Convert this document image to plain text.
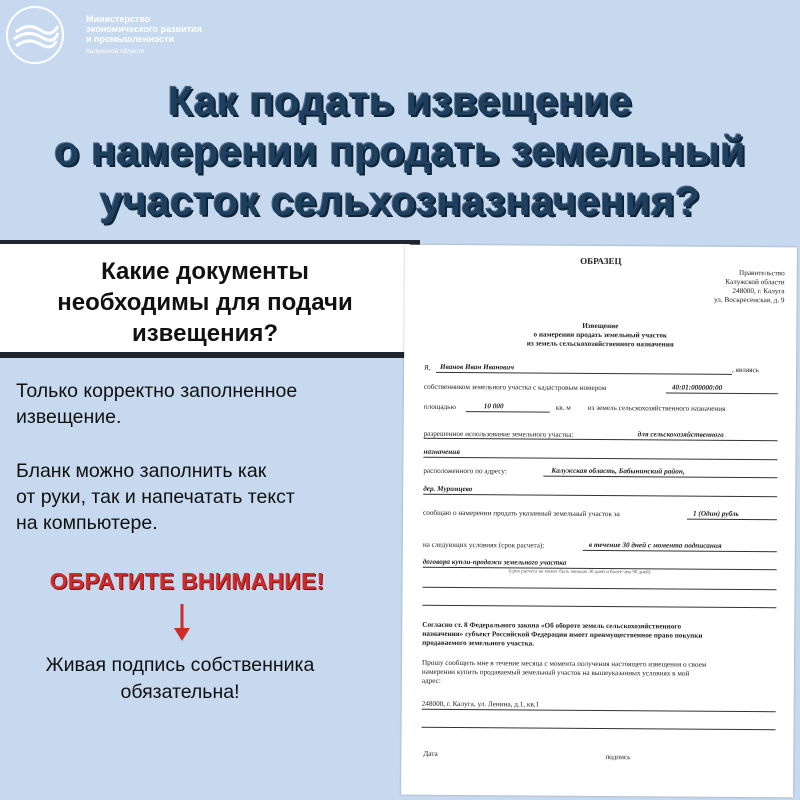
Министерство
экономического развития
и промышленности
Калужской области
Как подать извещение
о намерении продать земельный
участок сельхозназначения?
Какие документы
необходимы для подачи
извещения?
Только корректно заполненное
извещение.
Бланк можно заполнить как
от руки, так и напечатать текст
на компьютере.
ОБРАТИТЕ ВНИМАНИЕ!
Живая подпись собственника
обязательна!
ОБРАЗЕЦ
Правительство
Калужской области
248000, г. Калуга
ул. Воскресенская, д. 9
Извещение
о намерении продать земельный участок
из земель сельскохозяйственного назначения
Я, Иванов Иван Иванович	, являясь
собственником земельного участка с кадастровым номером	40:01:000000:00
площадью	10 000	кв. м из земель сельскохозяйственного назначения
разрешенное использование земельного участка:	для сельскохозяйственного
назначения
расположенного по адресу:	Калужская область, Бабынинский район,
дер. Муромцево
сообщаю о намерении продать указанный земельный участок за	1 (Один) рубль
на следующих условиях (срок расчета):	в течение 30 дней с момента подписания
договора купли-продажи земельного участка
(срок расчета не может быть меньше 30 дней и более чем 90 дней)
Согласно ст. 8 Федерального закона «Об обороте земель сельскохозяйственного
назначения» субъект Российской Федерации имеет преимущественное право покупки
продаваемого земельного участка.
Прошу сообщить мне в течение месяца с момента получения настоящего извещения о своем
намерении купить продаваемый земельный участок на вышеуказанных условиях в мой
адрес:
248000, г. Калуга, ул. Ленина, д.1, кв.1
Дата	подпись
